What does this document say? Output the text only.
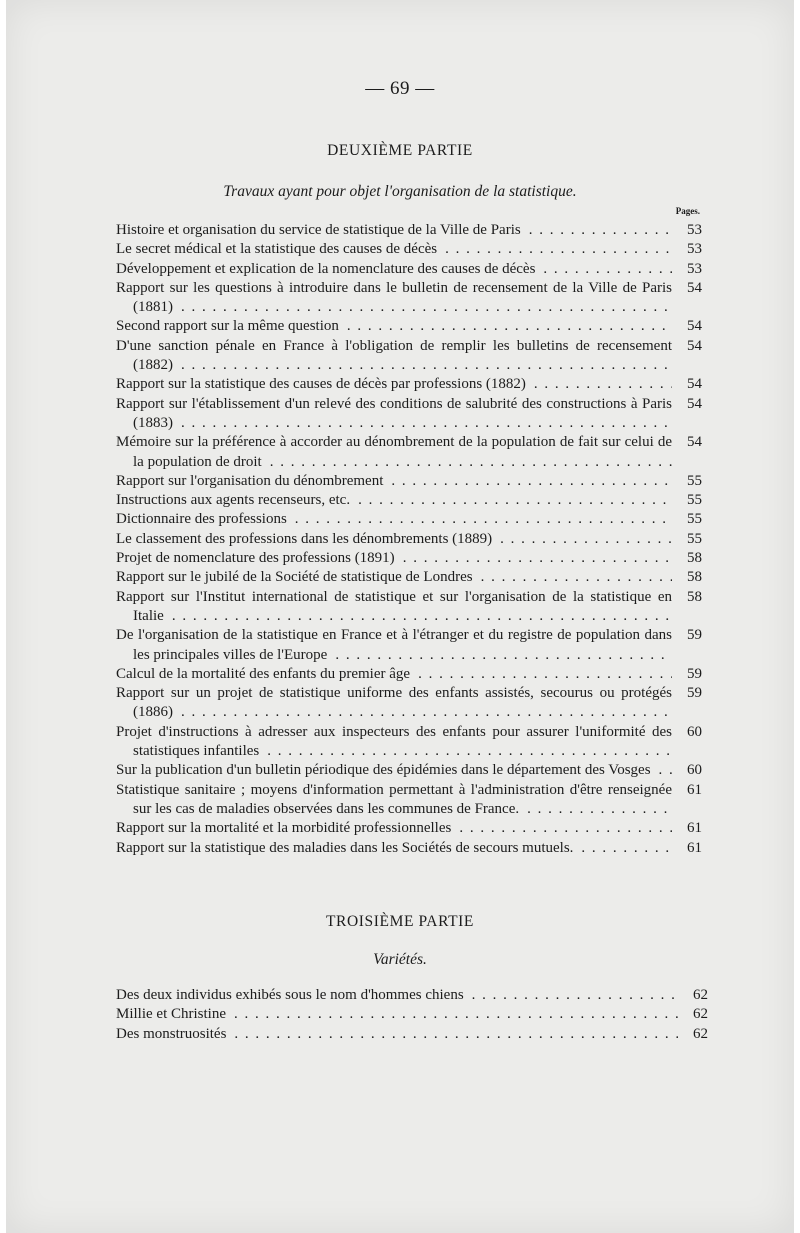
— 69 —
DEUXIÈME PARTIE
Travaux ayant pour objet l'organisation de la statistique.
Pages.
Histoire et organisation du service de statistique de la Ville de Paris . . .	53
Le secret médical et la statistique des causes de décès . . .	53
Développement et explication de la nomenclature des causes de décès . . .	53
Rapport sur les questions à introduire dans le bulletin de recensement de la Ville de Paris (1881) . . .
54
Second rapport sur la même question . . .	54
D'une sanction pénale en France à l'obligation de remplir les bulletins de recensement (1882) . . .
54
Rapport sur la statistique des causes de décès par professions (1882) . . .	54
Rapport sur l'établissement d'un relevé des conditions de salubrité des constructions à Paris (1883) . . .
54
Mémoire sur la préférence à accorder au dénombrement de la population de fait sur celui de la population de droit . . .
54
Rapport sur l'organisation du dénombrement . . .	55
Instructions aux agents recenseurs, etc. . . .	55
Dictionnaire des professions . . .	55
Le classement des professions dans les dénombrements (1889) . . .	55
Projet de nomenclature des professions (1891) . . .	58
Rapport sur le jubilé de la Société de statistique de Londres . . .	58
Rapport sur l'Institut international de statistique et sur l'organisation de la statistique en Italie . . .
58
De l'organisation de la statistique en France et à l'étranger et du registre de population dans les principales villes de l'Europe . . .
59
Calcul de la mortalité des enfants du premier âge . . .	59
Rapport sur un projet de statistique uniforme des enfants assistés, secourus ou protégés (1886) . . .
59
Projet d'instructions à adresser aux inspecteurs des enfants pour assurer l'uniformité des statistiques infantiles . . .
60
Sur la publication d'un bulletin périodique des épidémies dans le département des Vosges . . .	60
Statistique sanitaire ; moyens d'information permettant à l'administration d'être renseignée sur les cas de maladies observées dans les communes de France. . . .
61
Rapport sur la mortalité et la morbidité professionnelles . . .	61
Rapport sur la statistique des maladies dans les Sociétés de secours mutuels. . . .	61
TROISIÈME PARTIE
Variétés.
Des deux individus exhibés sous le nom d'hommes chiens . . .	62
Millie et Christine . . .	62
Des monstruosités . . .	62
